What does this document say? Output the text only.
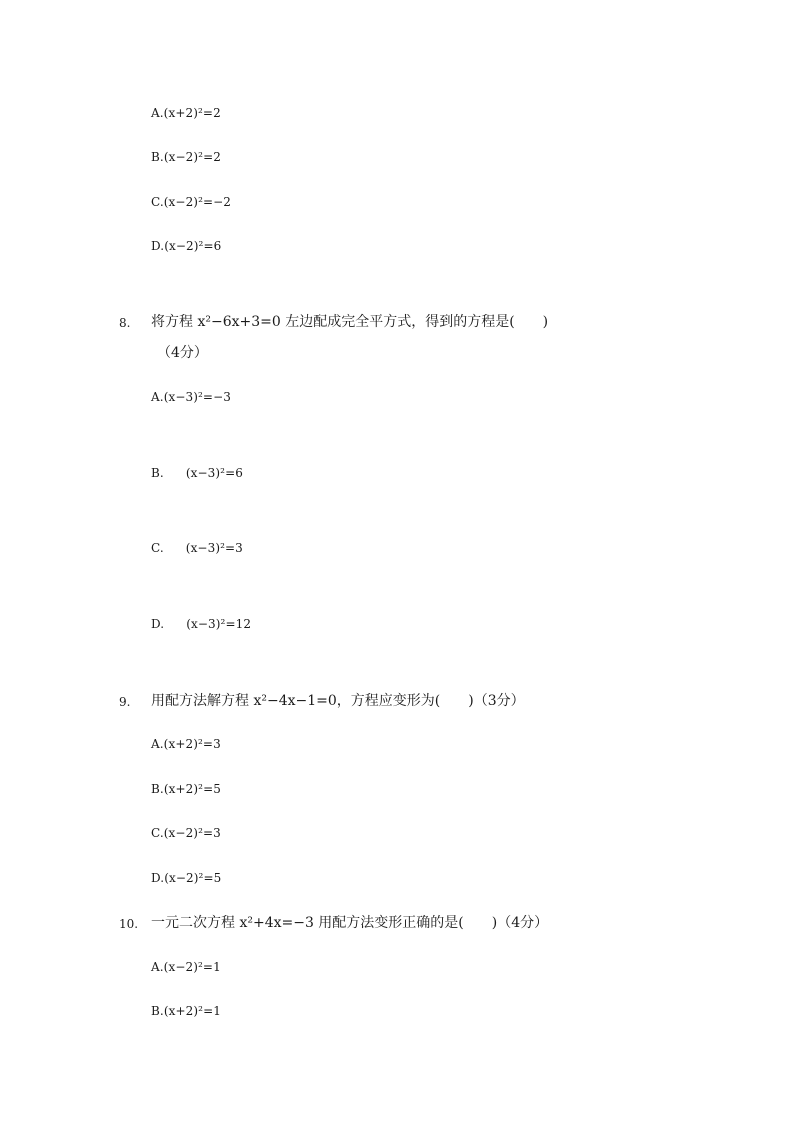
A.(x+2)²=2
B.(x−2)²=2
C.(x−2)²=−2
D.(x−2)²=6
8. 将方程 x²−6x+3=0 左边配成完全平方式，得到的方程是(　　)
（4分）
A.(x−3)²=−3
B. (x−3)²=6
C. (x−3)²=3
D. (x−3)²=12
9. 用配方法解方程 x²−4x−1=0，方程应变形为(　　)（3分）
A.(x+2)²=3
B.(x+2)²=5
C.(x−2)²=3
D.(x−2)²=5
10. 一元二次方程 x²+4x=−3 用配方法变形正确的是(　　)（4分）
A.(x−2)²=1
B.(x+2)²=1
